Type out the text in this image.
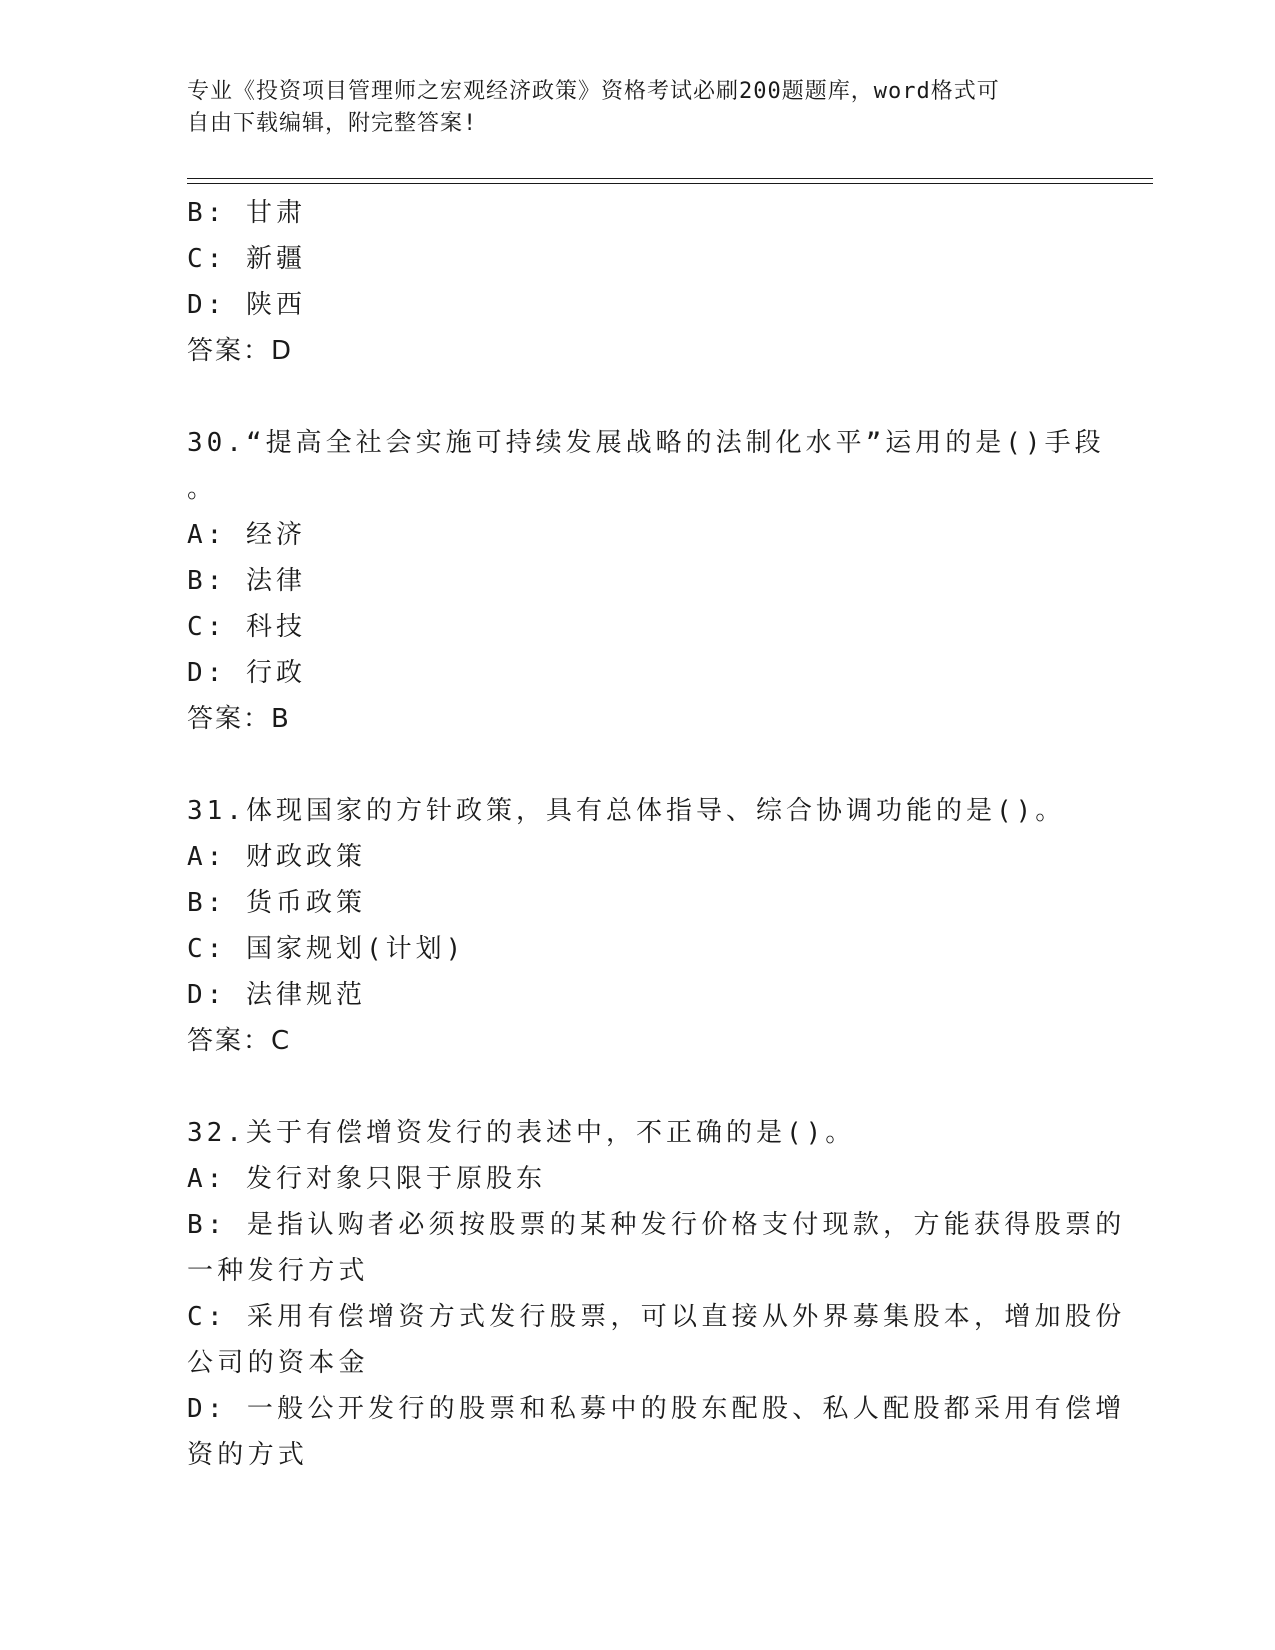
专业《投资项目管理师之宏观经济政策》资格考试必刷200题题库，word格式可
自由下载编辑，附完整答案!
B: 甘肃
C: 新疆
D: 陕西
答案：D
30.“提高全社会实施可持续发展战略的法制化水平”运用的是()手段
。
A: 经济
B: 法律
C: 科技
D: 行政
答案：B
31.体现国家的方针政策，具有总体指导、综合协调功能的是()。
A: 财政政策
B: 货币政策
C: 国家规划(计划)
D: 法律规范
答案：C
32.关于有偿增资发行的表述中，不正确的是()。
A: 发行对象只限于原股东
B: 是指认购者必须按股票的某种发行价格支付现款，方能获得股票的
一种发行方式
C: 采用有偿增资方式发行股票，可以直接从外界募集股本，增加股份
公司的资本金
D: 一般公开发行的股票和私募中的股东配股、私人配股都采用有偿增
资的方式
